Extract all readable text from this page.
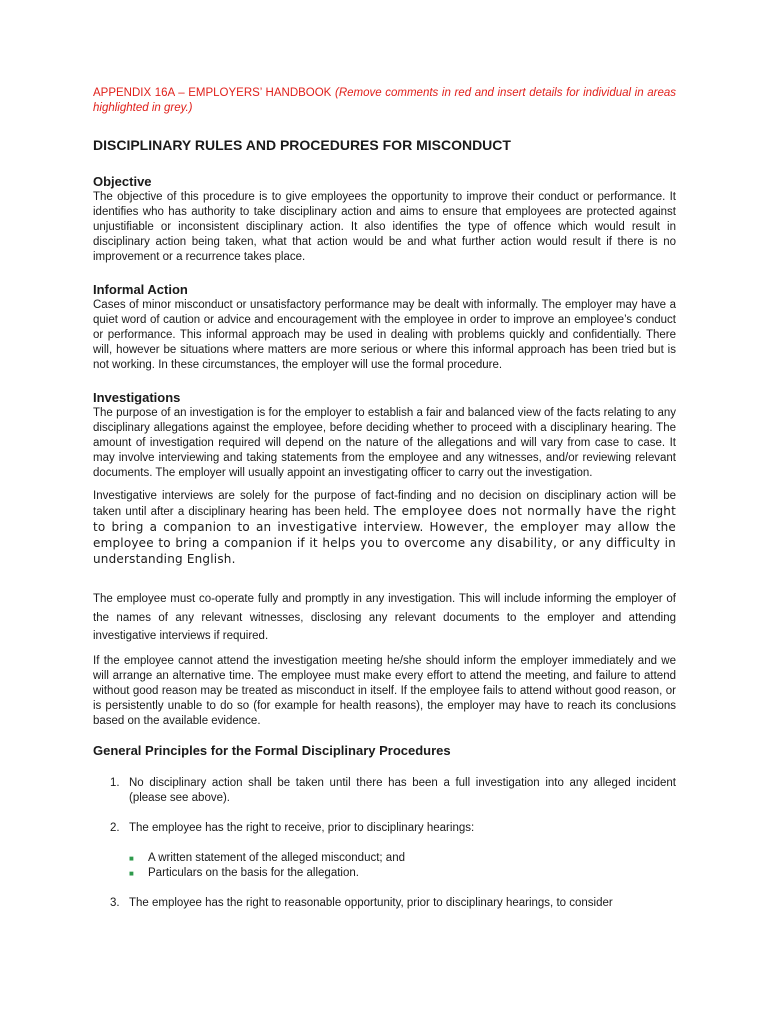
APPENDIX 16A – EMPLOYERS’ HANDBOOK (Remove comments in red and insert details for individual in areas highlighted in grey.)

DISCIPLINARY RULES AND PROCEDURES FOR MISCONDUCT
Objective

The objective of this procedure is to give employees the opportunity to improve their conduct or performance. It identifies who has authority to take disciplinary action and aims to ensure that employees are protected against unjustifiable or inconsistent disciplinary action. It also identifies the type of offence which would result in disciplinary action being taken, what that action would be and what further action would result if there is no improvement or a recurrence takes place.

Informal Action

Cases of minor misconduct or unsatisfactory performance may be dealt with informally. The employer may have a quiet word of caution or advice and encouragement with the employee in order to improve an employee’s conduct or performance. This informal approach may be used in dealing with problems quickly and confidentially. There will, however be situations where matters are more serious or where this informal approach has been tried but is not working. In these circumstances, the employer will use the formal procedure.

Investigations

The purpose of an investigation is for the employer to establish a fair and balanced view of the facts relating to any disciplinary allegations against the employee, before deciding whether to proceed with a disciplinary hearing. The amount of investigation required will depend on the nature of the allegations and will vary from case to case. It may involve interviewing and taking statements from the employee and any witnesses, and/or reviewing relevant documents. The employer will usually appoint an investigating officer to carry out the investigation.

Investigative interviews are solely for the purpose of fact-finding and no decision on disciplinary action will be taken until after a disciplinary hearing has been held. The employee does not normally have the right to bring a companion to an investigative interview. However, the employer may allow the employee to bring a companion if it helps you to overcome any disability, or any difficulty in understanding English.

The employee must co-operate fully and promptly in any investigation. This will include informing the employer of the names of any relevant witnesses, disclosing any relevant documents to the employer and attending investigative interviews if required.

If the employee cannot attend the investigation meeting he/she should inform the employer immediately and we will arrange an alternative time. The employee must make every effort to attend the meeting, and failure to attend without good reason may be treated as misconduct in itself. If the employee fails to attend without good reason, or is persistently unable to do so (for example for health reasons), the employer may have to reach its conclusions based on the available evidence.

General Principles for the Formal Disciplinary Procedures
1. No disciplinary action shall be taken until there has been a full investigation into any alleged incident (please see above).
2. The employee has the right to receive, prior to disciplinary hearings:
■ A written statement of the alleged misconduct; and
■ Particulars on the basis for the allegation.
3. The employee has the right to reasonable opportunity, prior to disciplinary hearings, to consider
